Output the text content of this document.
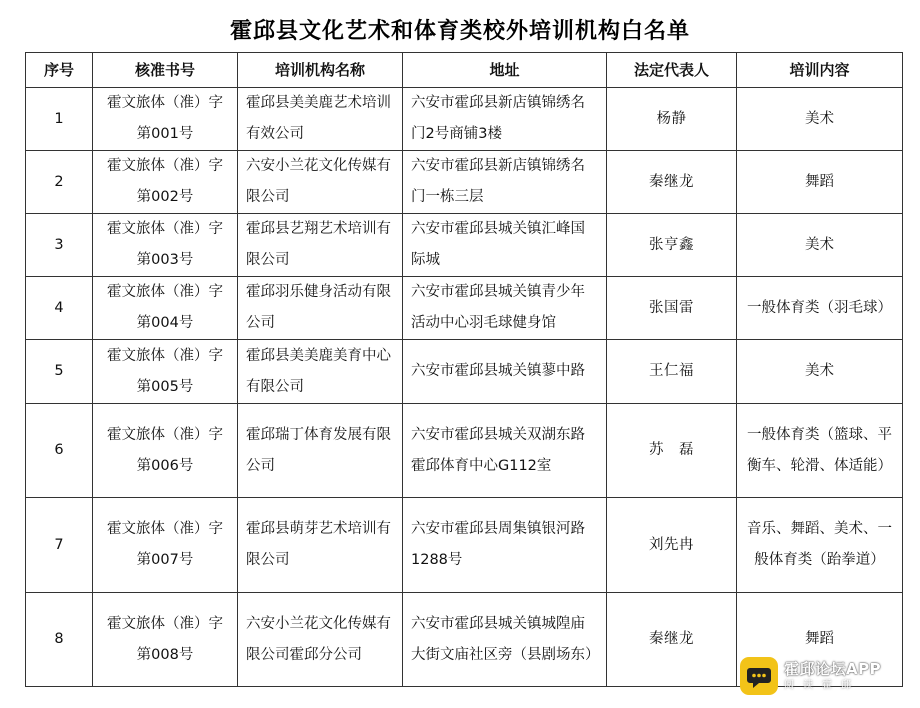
霍邱县文化艺术和体育类校外培训机构白名单
序号	核准书号	培训机构名称	地址	法定代表人	培训内容
1	霍文旅体（准）字第001号	霍邱县美美鹿艺术培训有效公司	六安市霍邱县新店镇锦绣名门2号商铺3楼	杨静	美术
2	霍文旅体（准）字第002号	六安小兰花文化传媒有限公司	六安市霍邱县新店镇锦绣名门一栋三层	秦继龙	舞蹈
3	霍文旅体（准）字第003号	霍邱县艺翔艺术培训有限公司	六安市霍邱县城关镇汇峰国际城	张亨鑫	美术
4	霍文旅体（准）字第004号	霍邱羽乐健身活动有限公司	六安市霍邱县城关镇青少年活动中心羽毛球健身馆	张国雷	一般体育类（羽毛球）
5	霍文旅体（准）字第005号	霍邱县美美鹿美育中心有限公司	六安市霍邱县城关镇蓼中路	王仁福	美术
6	霍文旅体（准）字第006号	霍邱瑞丁体育发展有限公司	六安市霍邱县城关双湖东路霍邱体育中心G112室	苏　磊	一般体育类（篮球、平衡车、轮滑、体适能）
7	霍文旅体（准）字第007号	霍邱县萌芽艺术培训有限公司	六安市霍邱县周集镇银河路1288号	刘先冉	音乐、舞蹈、美术、一般体育类（跆拳道）
8	霍文旅体（准）字第008号	六安小兰花文化传媒有限公司霍邱分公司	六安市霍邱县城关镇城隍庙大街文庙社区旁（县剧场东）	秦继龙	舞蹈
霍邱论坛APP
阅读霍邱
